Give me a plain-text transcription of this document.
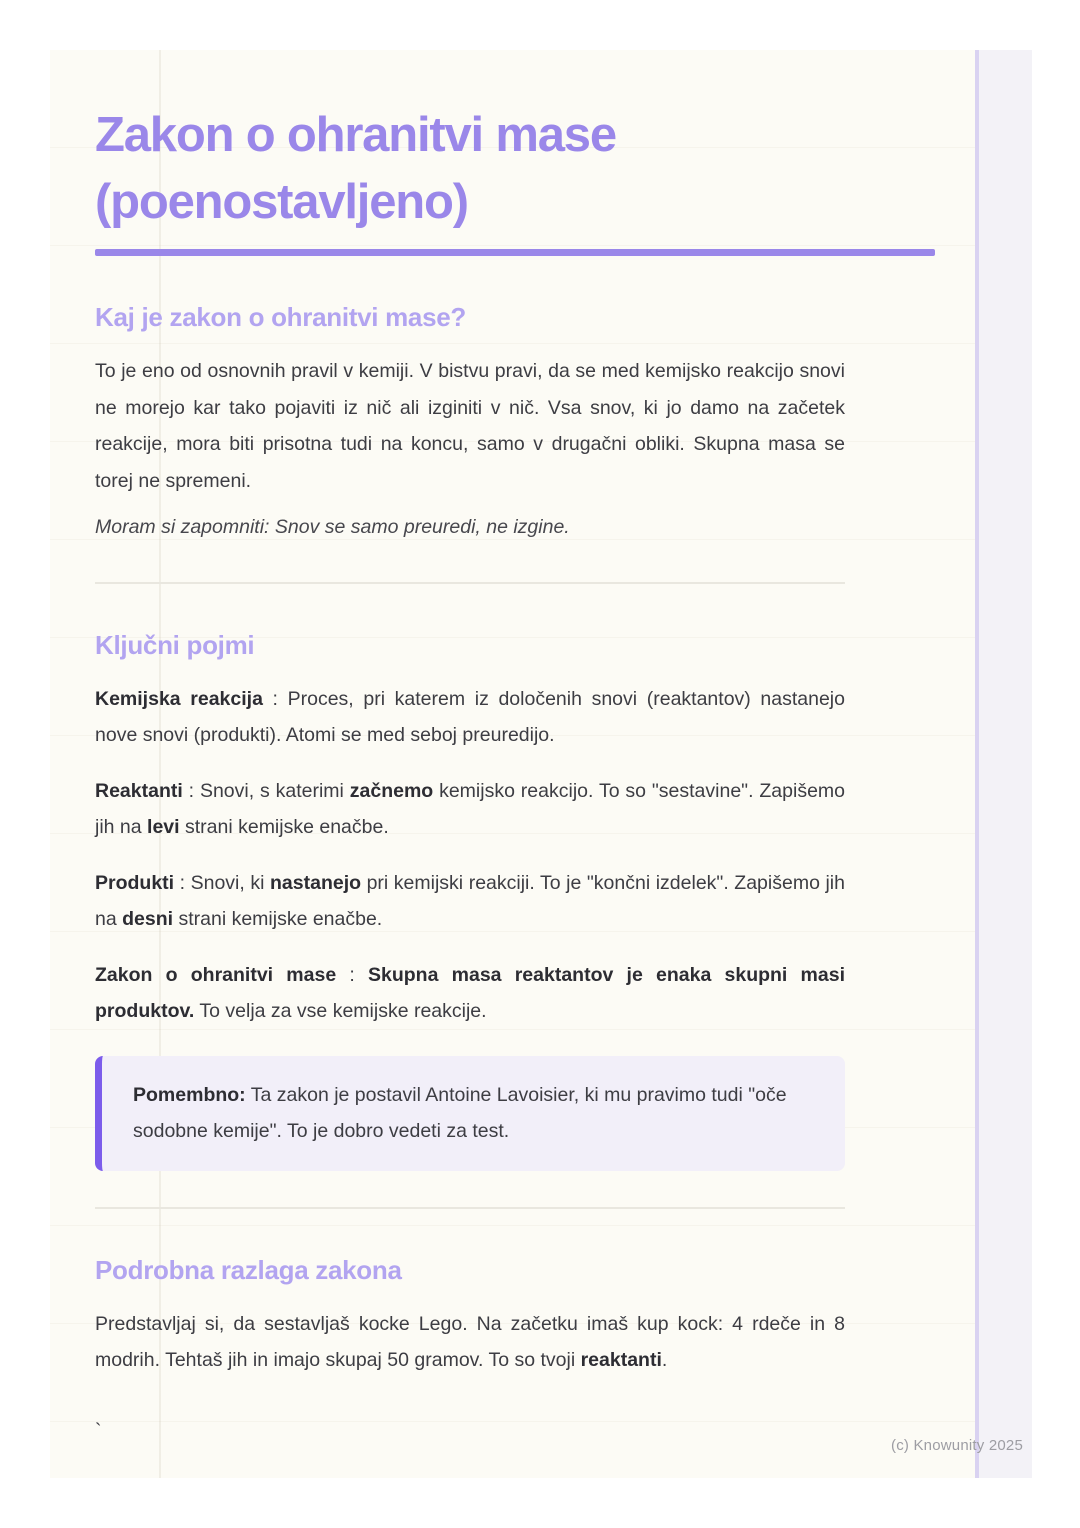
Zakon o ohranitvi mase (poenostavljeno)
Kaj je zakon o ohranitvi mase?

To je eno od osnovnih pravil v kemiji. V bistvu pravi, da se med kemijsko reakcijo snovi ne morejo kar tako pojaviti iz nič ali izginiti v nič. Vsa snov, ki jo damo na začetek reakcije, mora biti prisotna tudi na koncu, samo v drugačni obliki. Skupna masa se torej ne spremeni.

Moram si zapomniti: Snov se samo preuredi, ne izgine.

Ključni pojmi

Kemijska reakcija : Proces, pri katerem iz določenih snovi (reaktantov) nastanejo nove snovi (produkti). Atomi se med seboj preuredijo.

Reaktanti : Snovi, s katerimi začnemo kemijsko reakcijo. To so "sestavine". Zapišemo jih na levi strani kemijske enačbe.

Produkti : Snovi, ki nastanejo pri kemijski reakciji. To je "končni izdelek". Zapišemo jih na desni strani kemijske enačbe.

Zakon o ohranitvi mase : Skupna masa reaktantov je enaka skupni masi produktov. To velja za vse kemijske reakcije.

Pomembno: Ta zakon je postavil Antoine Lavoisier, ki mu pravimo tudi "oče sodobne kemije". To je dobro vedeti za test.

Podrobna razlaga zakona

Predstavljaj si, da sestavljaš kocke Lego. Na začetku imaš kup kock: 4 rdeče in 8 modrih. Tehtaš jih in imajo skupaj 50 gramov. To so tvoji reaktanti.

`

(c) Knowunity 2025
